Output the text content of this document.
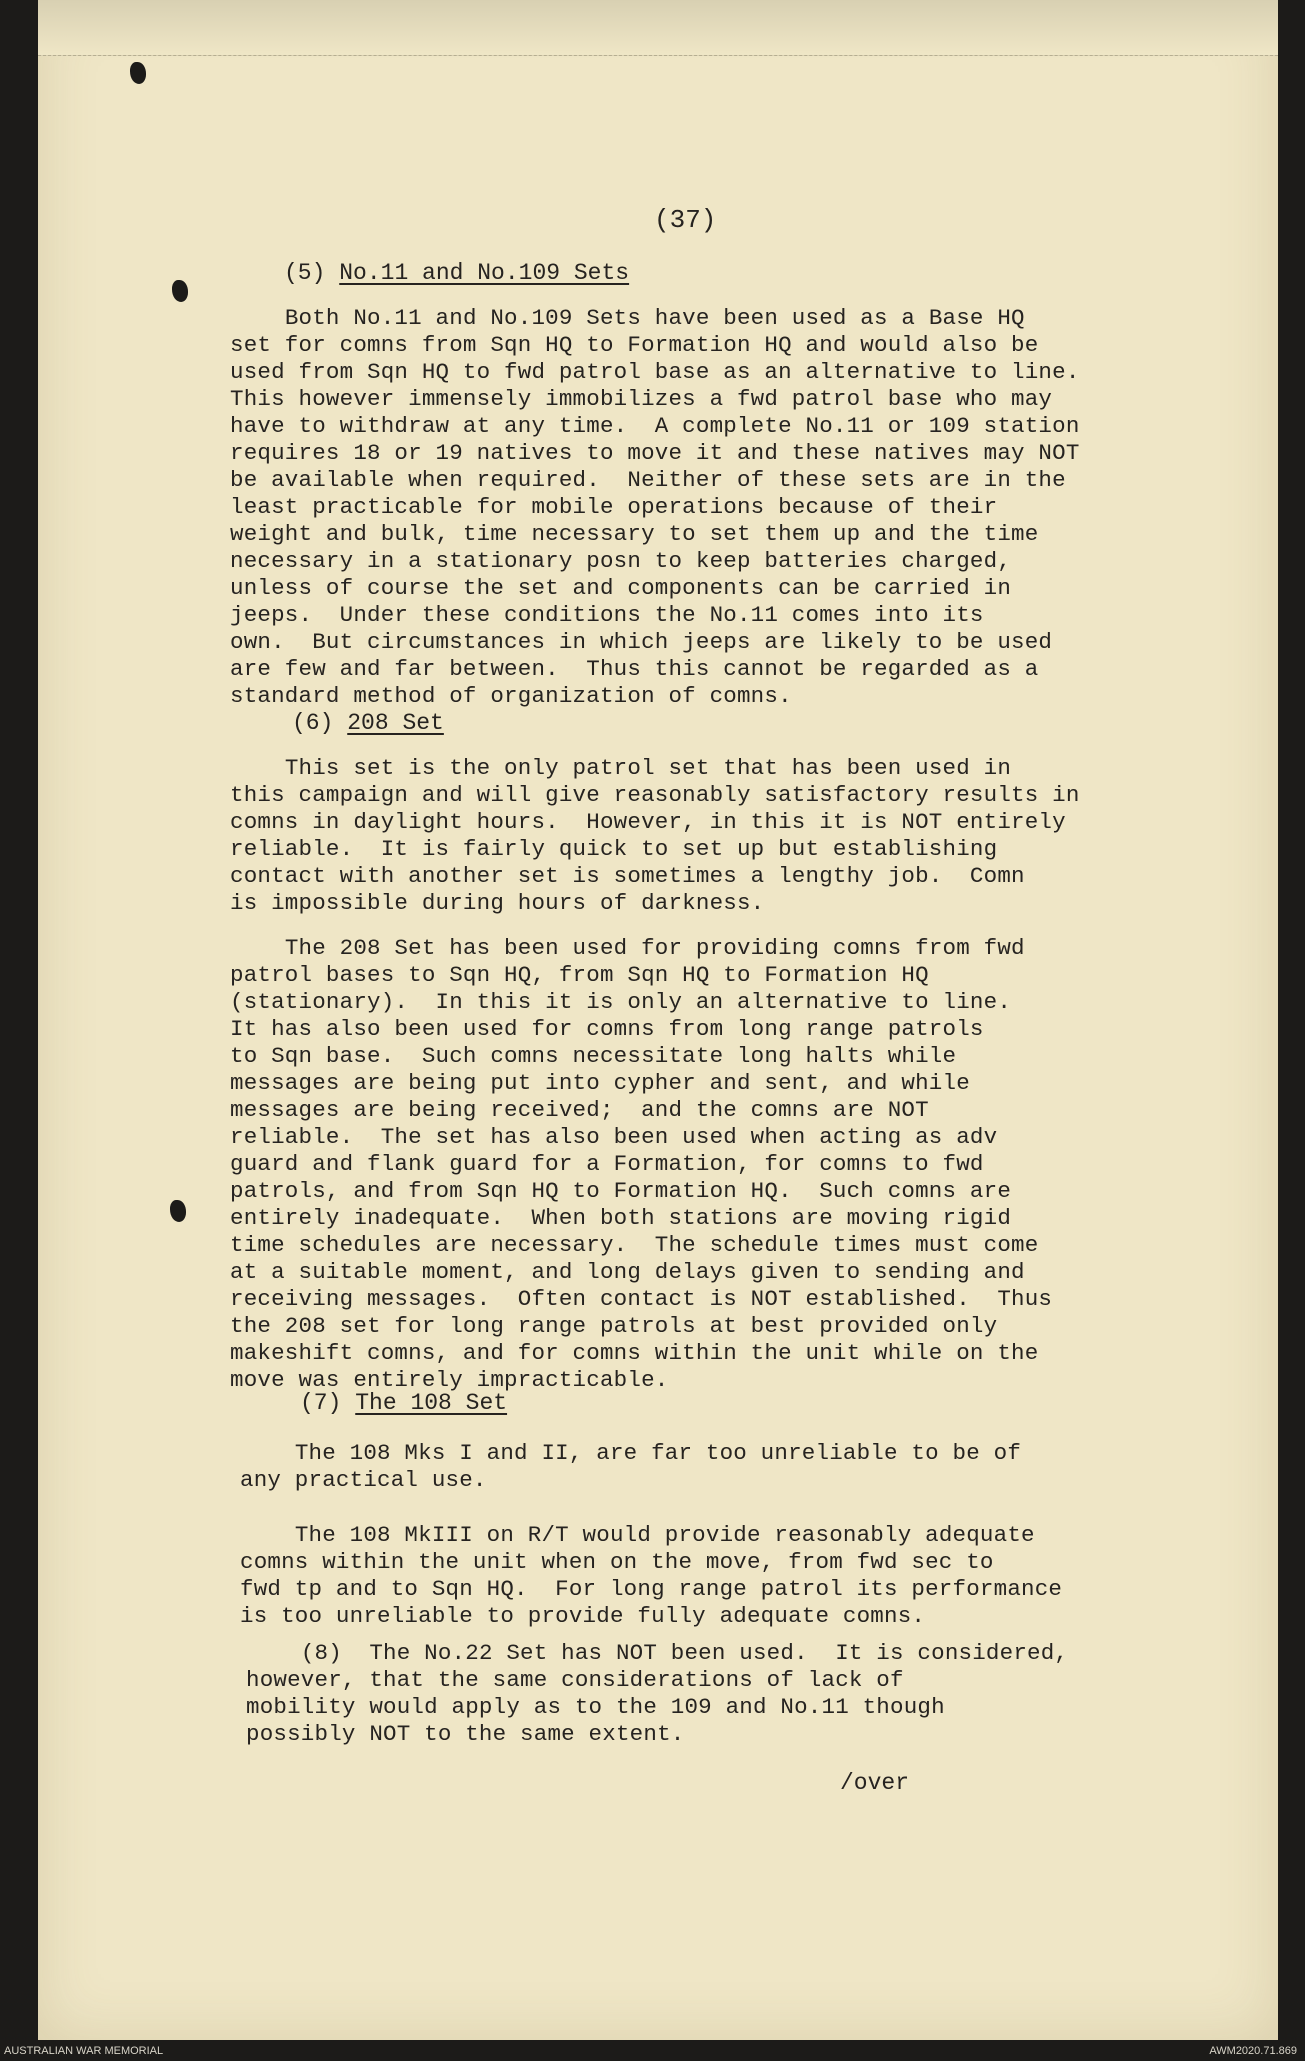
(37)
(5) No.11 and No.109 Sets
Both No.11 and No.109 Sets have been used as a Base HQ
set for comns from Sqn HQ to Formation HQ and would also be
used from Sqn HQ to fwd patrol base as an alternative to line.
This however immensely immobilizes a fwd patrol base who may
have to withdraw at any time.  A complete No.11 or 109 station
requires 18 or 19 natives to move it and these natives may NOT
be available when required.  Neither of these sets are in the
least practicable for mobile operations because of their
weight and bulk, time necessary to set them up and the time
necessary in a stationary posn to keep batteries charged,
unless of course the set and components can be carried in
jeeps.  Under these conditions the No.11 comes into its
own.  But circumstances in which jeeps are likely to be used
are few and far between.  Thus this cannot be regarded as a
standard method of organization of comns.
(6) 208 Set
This set is the only patrol set that has been used in
this campaign and will give reasonably satisfactory results in
comns in daylight hours.  However, in this it is NOT entirely
reliable.  It is fairly quick to set up but establishing
contact with another set is sometimes a lengthy job.  Comn
is impossible during hours of darkness.
The 208 Set has been used for providing comns from fwd
patrol bases to Sqn HQ, from Sqn HQ to Formation HQ
(stationary).  In this it is only an alternative to line.
It has also been used for comns from long range patrols
to Sqn base.  Such comns necessitate long halts while
messages are being put into cypher and sent, and while
messages are being received;  and the comns are NOT
reliable.  The set has also been used when acting as adv
guard and flank guard for a Formation, for comns to fwd
patrols, and from Sqn HQ to Formation HQ.  Such comns are
entirely inadequate.  When both stations are moving rigid
time schedules are necessary.  The schedule times must come
at a suitable moment, and long delays given to sending and
receiving messages.  Often contact is NOT established.  Thus
the 208 set for long range patrols at best provided only
makeshift comns, and for comns within the unit while on the
move was entirely impracticable.
(7) The 108 Set
The 108 Mks I and II, are far too unreliable to be of
any practical use.
The 108 MkIII on R/T would provide reasonably adequate
comns within the unit when on the move, from fwd sec to
fwd tp and to Sqn HQ.  For long range patrol its performance
is too unreliable to provide fully adequate comns.
(8)  The No.22 Set has NOT been used.  It is considered,
however, that the same considerations of lack of
mobility would apply as to the 109 and No.11 though
possibly NOT to the same extent.
/over
AUSTRALIAN WAR MEMORIAL	AWM2020.71.869
